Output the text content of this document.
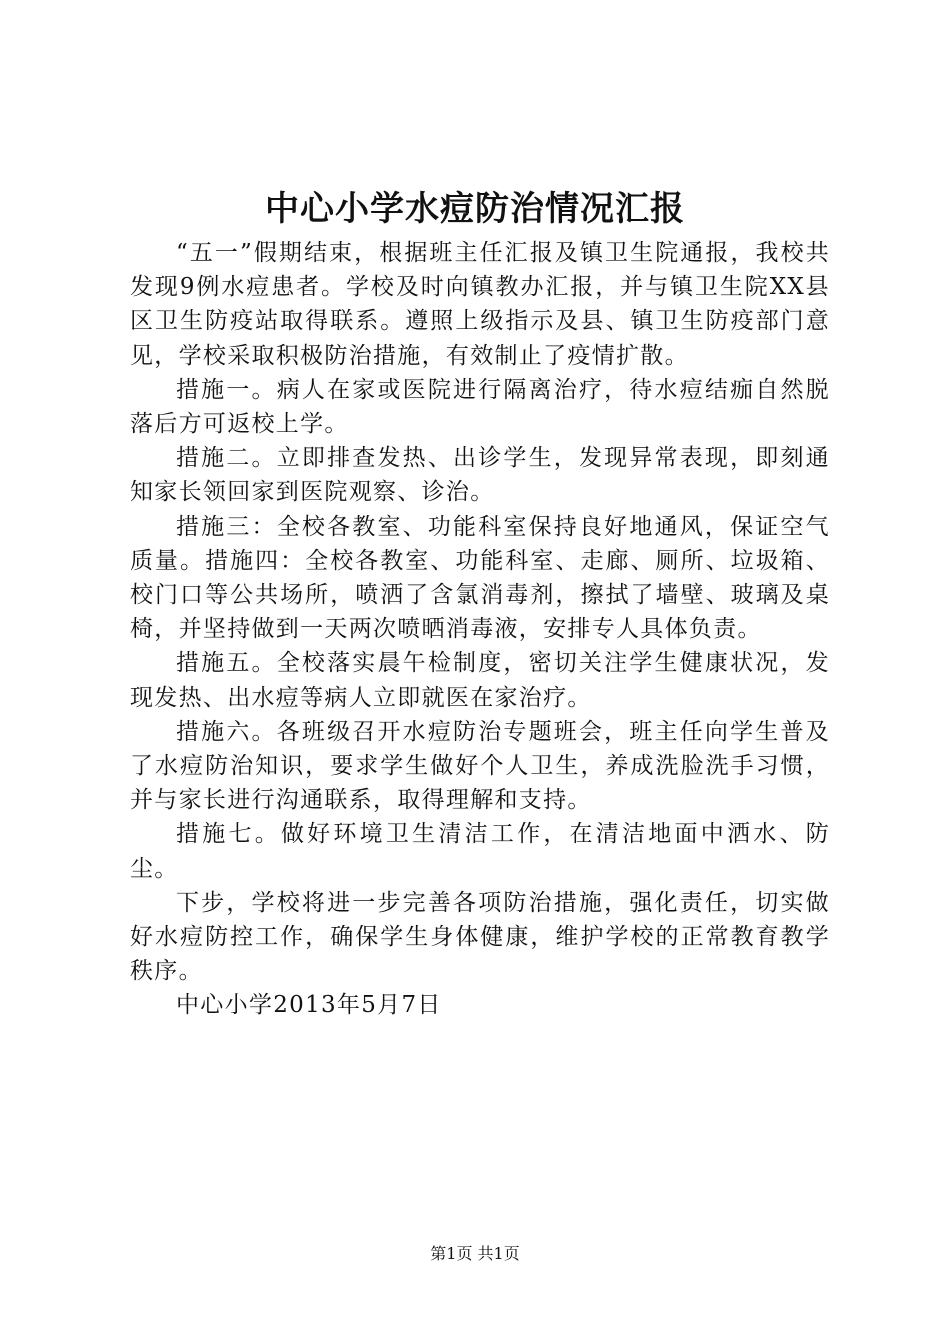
中心小学水痘防治情况汇报

“五一”假期结束，根据班主任汇报及镇卫生院通报，我校共发现9例水痘患者。学校及时向镇教办汇报，并与镇卫生院XX县区卫生防疫站取得联系。遵照上级指示及县、镇卫生防疫部门意见，学校采取积极防治措施，有效制止了疫情扩散。

措施一。病人在家或医院进行隔离治疗，待水痘结痂自然脱落后方可返校上学。

措施二。立即排查发热、出诊学生，发现异常表现，即刻通知家长领回家到医院观察、诊治。

措施三：全校各教室、功能科室保持良好地通风，保证空气质量。措施四：全校各教室、功能科室、走廊、厕所、垃圾箱、校门口等公共场所，喷洒了含氯消毒剂，擦拭了墙壁、玻璃及桌椅，并坚持做到一天两次喷晒消毒液，安排专人具体负责。

措施五。全校落实晨午检制度，密切关注学生健康状况，发现发热、出水痘等病人立即就医在家治疗。

措施六。各班级召开水痘防治专题班会，班主任向学生普及了水痘防治知识，要求学生做好个人卫生，养成洗脸洗手习惯，并与家长进行沟通联系，取得理解和支持。

措施七。做好环境卫生清洁工作，在清洁地面中洒水、防尘。

下步，学校将进一步完善各项防治措施，强化责任，切实做好水痘防控工作，确保学生身体健康，维护学校的正常教育教学秩序。

中心小学2013年5月7日

第1页 共1页
